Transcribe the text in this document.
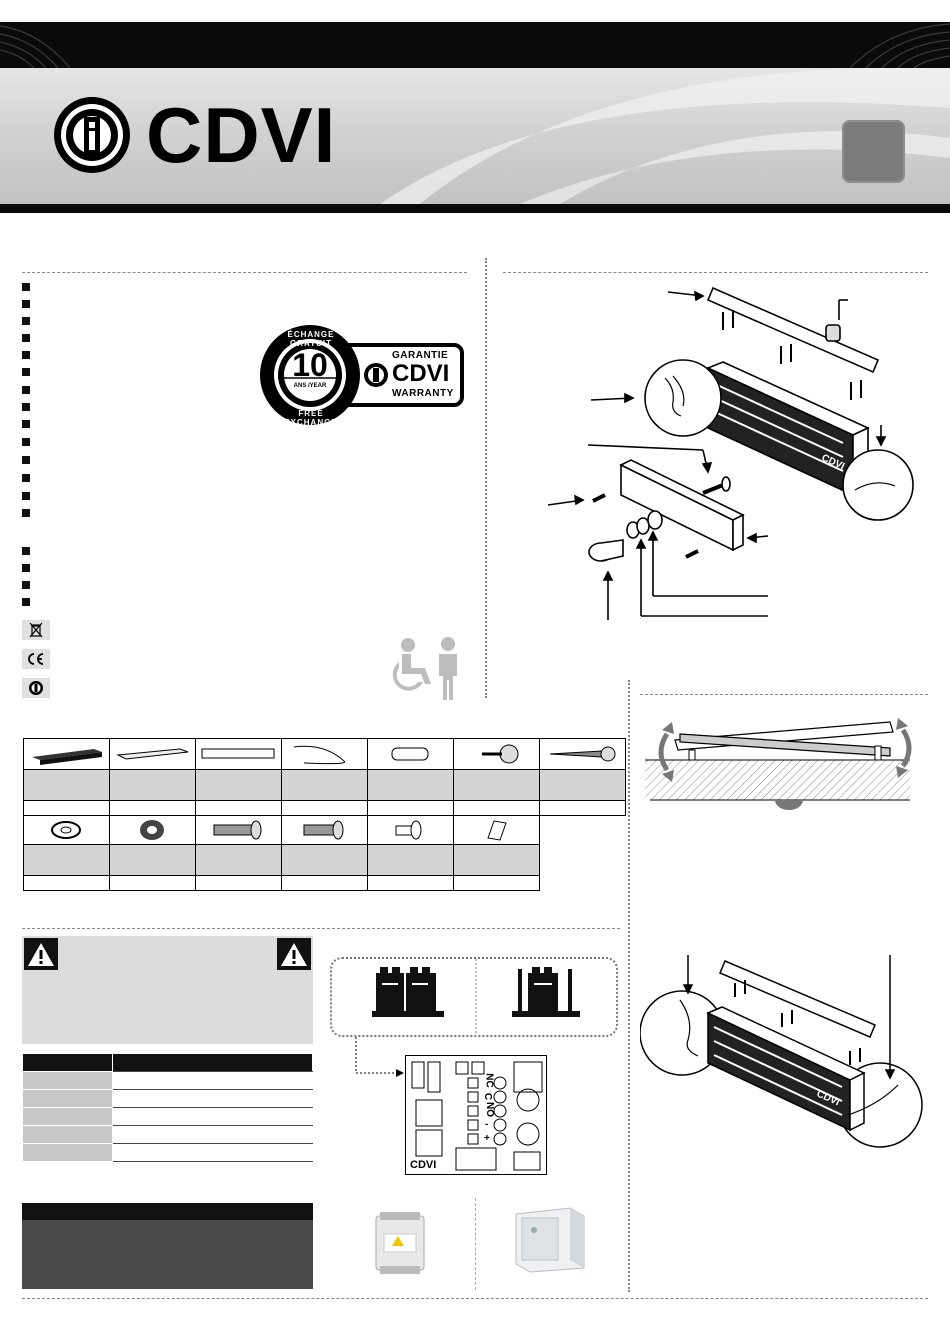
CDVI
ÉCHANGE GRATUIT
10
ANS /YEAR
FREE EXCHANGE
GARANTIE
CDVI
WARRANTY
CDVI

CDVI

NC
C
NO
-
+
CDVI
